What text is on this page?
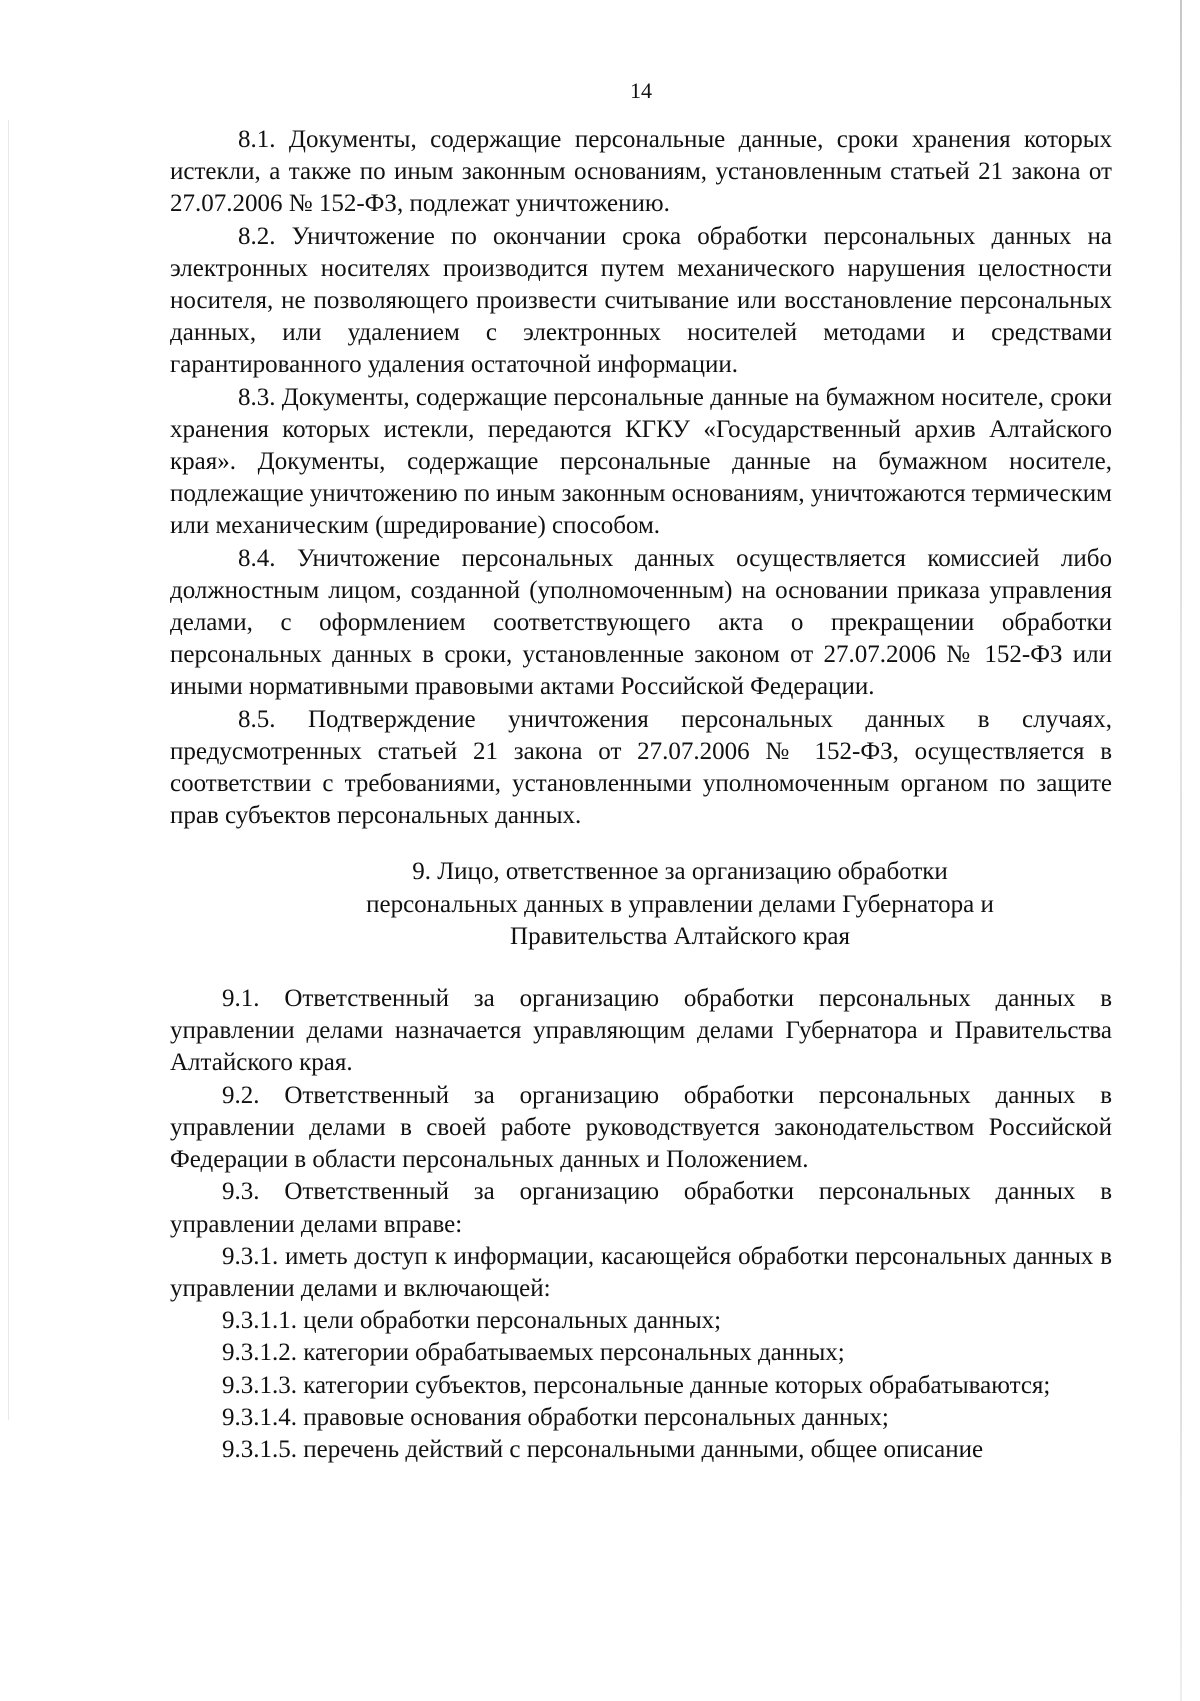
14

8.1. Документы, содержащие персональные данные, сроки хранения которых истекли, а также по иным законным основаниям, установленным статьей 21 закона от 27.07.2006 № 152-ФЗ, подлежат уничтожению.

8.2. Уничтожение по окончании срока обработки персональных данных на электронных носителях производится путем механического нарушения целостности носителя, не позволяющего произвести считывание или восстановление персональных данных, или удалением с электронных носителей методами и средствами гарантированного удаления остаточной информации.

8.3. Документы, содержащие персональные данные на бумажном носителе, сроки хранения которых истекли, передаются КГКУ «Государственный архив Алтайского края». Документы, содержащие персональные данные на бумажном носителе, подлежащие уничтожению по иным законным основаниям, уничтожаются термическим или механическим (шредирование) способом.

8.4. Уничтожение персональных данных осуществляется комиссией либо должностным лицом, созданной (уполномоченным) на основании приказа управления делами, с оформлением соответствующего акта о прекращении обработки персональных данных в сроки, установленные законом от 27.07.2006 № 152-ФЗ или иными нормативными правовыми актами Российской Федерации.

8.5. Подтверждение уничтожения персональных данных в случаях, предусмотренных статьей 21 закона от 27.07.2006 № 152-ФЗ, осуществляется в соответствии с требованиями, установленными уполномоченным органом по защите прав субъектов персональных данных.

9. Лицо, ответственное за организацию обработки
персональных данных в управлении делами Губернатора и
Правительства Алтайского края

9.1. Ответственный за организацию обработки персональных данных в управлении делами назначается управляющим делами Губернатора и Правительства Алтайского края.

9.2. Ответственный за организацию обработки персональных данных в управлении делами в своей работе руководствуется законодательством Российской Федерации в области персональных данных и Положением.

9.3. Ответственный за организацию обработки персональных данных в управлении делами вправе:

9.3.1. иметь доступ к информации, касающейся обработки персональных данных в управлении делами и включающей:

9.3.1.1. цели обработки персональных данных;

9.3.1.2. категории обрабатываемых персональных данных;

9.3.1.3. категории субъектов, персональные данные которых обрабатываются;

9.3.1.4. правовые основания обработки персональных данных;

9.3.1.5. перечень действий с персональными данными, общее описание
